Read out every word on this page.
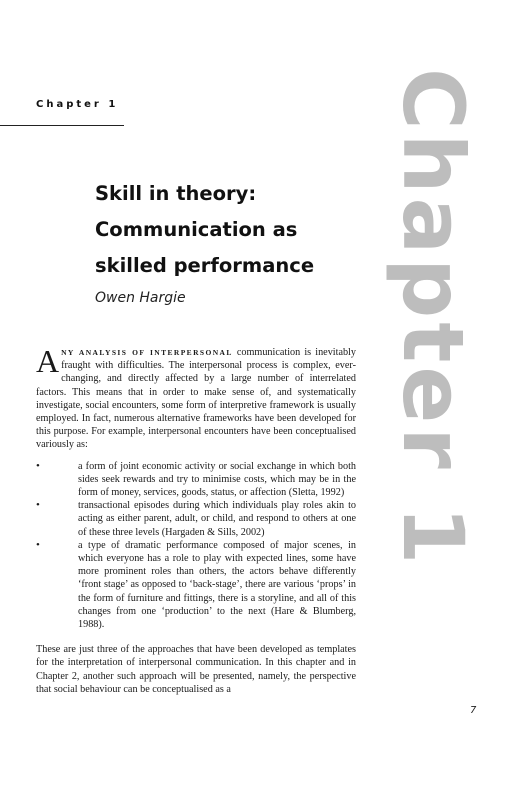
Chapter 1	Chapter 1
Skill in theory:
Communication as
skilled performance
Owen Hargie

ANY ANALYSIS OF INTERPERSONAL communication is inevitably fraught with difficulties. The interpersonal process is complex, ever-changing, and directly affected by a large number of interrelated factors. This means that in order to make sense of, and systematically investigate, social encounters, some form of interpretive framework is usually employed. In fact, numerous alternative frameworks have been developed for this purpose. For example, interpersonal encounters have been conceptualised variously as:

• a form of joint economic activity or social exchange in which both sides seek rewards and try to minimise costs, which may be in the form of money, services, goods, status, or affection (Sletta, 1992)
• transactional episodes during which individuals play roles akin to acting as either parent, adult, or child, and respond to others at one of these three levels (Hargaden & Sills, 2002)
• a type of dramatic performance composed of major scenes, in which everyone has a role to play with expected lines, some have more prominent roles than others, the actors behave differently ‘front stage’ as opposed to ‘back-stage’, there are various ‘props’ in the form of furniture and fittings, there is a storyline, and all of this changes from one ‘production’ to the next (Hare & Blumberg, 1988).

These are just three of the approaches that have been developed as templates for the interpretation of interpersonal communication. In this chapter and in Chapter 2, another such approach will be presented, namely, the perspective that social behaviour can be conceptualised as a

7
